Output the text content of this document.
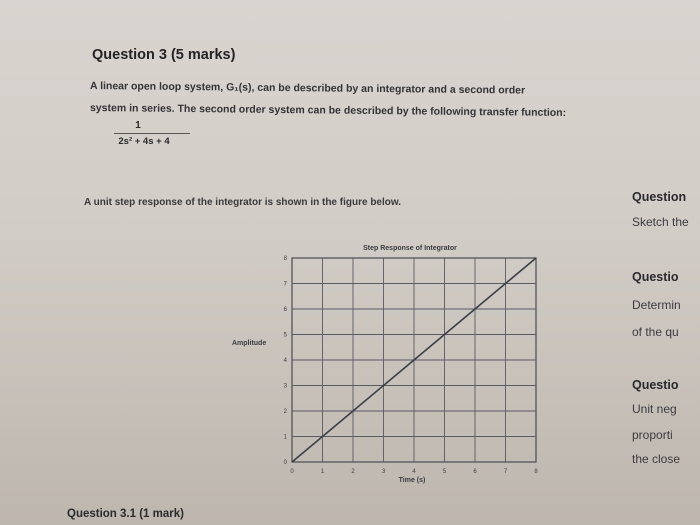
Question 3 (5 marks)
A linear open loop system, G₁(s), can be described by an integrator and a second order
system in series. The second order system can be described by the following transfer function:
1
2s² + 4s + 4
A unit step response of the integrator is shown in the figure below.
Step Response of Integrator
Amplitude
Time (s)
0	1	2	3	4	5	6	7	8
0
1
2
3
4
5
6
7
8
Question
Sketch the
Questio
Determin
of the qu
Questio
Unit neg
proporti
the close
Question 3.1 (1 mark)
